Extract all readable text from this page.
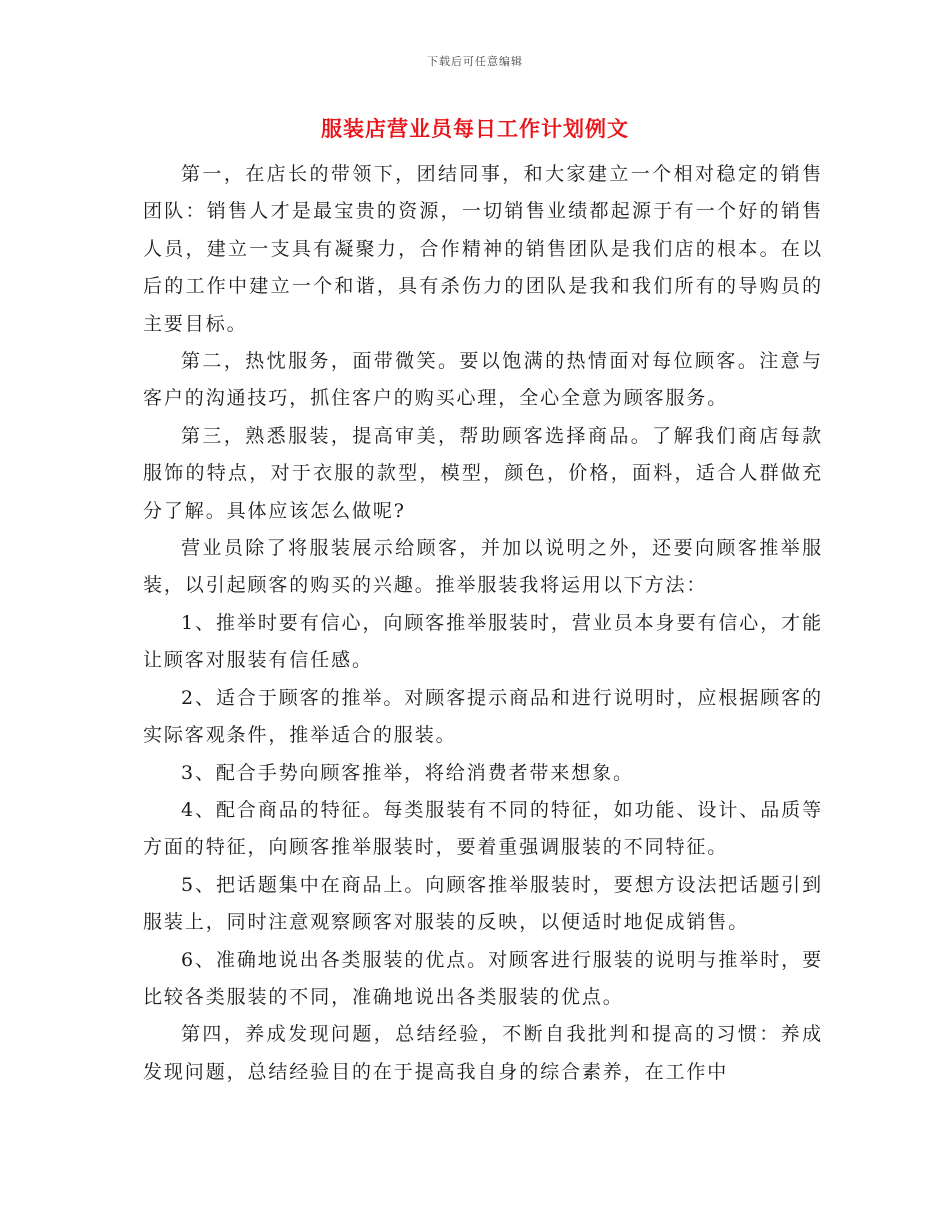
下载后可任意编辑
服装店营业员每日工作计划例文

第一，在店长的带领下，团结同事，和大家建立一个相对稳定的销售团队：销售人才是最宝贵的资源，一切销售业绩都起源于有一个好的销售人员，建立一支具有凝聚力，合作精神的销售团队是我们店的根本。在以后的工作中建立一个和谐，具有杀伤力的团队是我和我们所有的导购员的主要目标。

第二，热忱服务，面带微笑。要以饱满的热情面对每位顾客。注意与客户的沟通技巧，抓住客户的购买心理，全心全意为顾客服务。

第三，熟悉服装，提高审美，帮助顾客选择商品。了解我们商店每款服饰的特点，对于衣服的款型，模型，颜色，价格，面料，适合人群做充分了解。具体应该怎么做呢?

营业员除了将服装展示给顾客，并加以说明之外，还要向顾客推举服装，以引起顾客的购买的兴趣。推举服装我将运用以下方法：

1、推举时要有信心，向顾客推举服装时，营业员本身要有信心，才能让顾客对服装有信任感。

2、适合于顾客的推举。对顾客提示商品和进行说明时，应根据顾客的实际客观条件，推举适合的服装。

3、配合手势向顾客推举，将给消费者带来想象。

4、配合商品的特征。每类服装有不同的特征，如功能、设计、品质等方面的特征，向顾客推举服装时，要着重强调服装的不同特征。

5、把话题集中在商品上。向顾客推举服装时，要想方设法把话题引到服装上，同时注意观察顾客对服装的反映，以便适时地促成销售。

6、准确地说出各类服装的优点。对顾客进行服装的说明与推举时，要比较各类服装的不同，准确地说出各类服装的优点。

第四，养成发现问题，总结经验，不断自我批判和提高的习惯：养成发现问题，总结经验目的在于提高我自身的综合素养，在工作中
